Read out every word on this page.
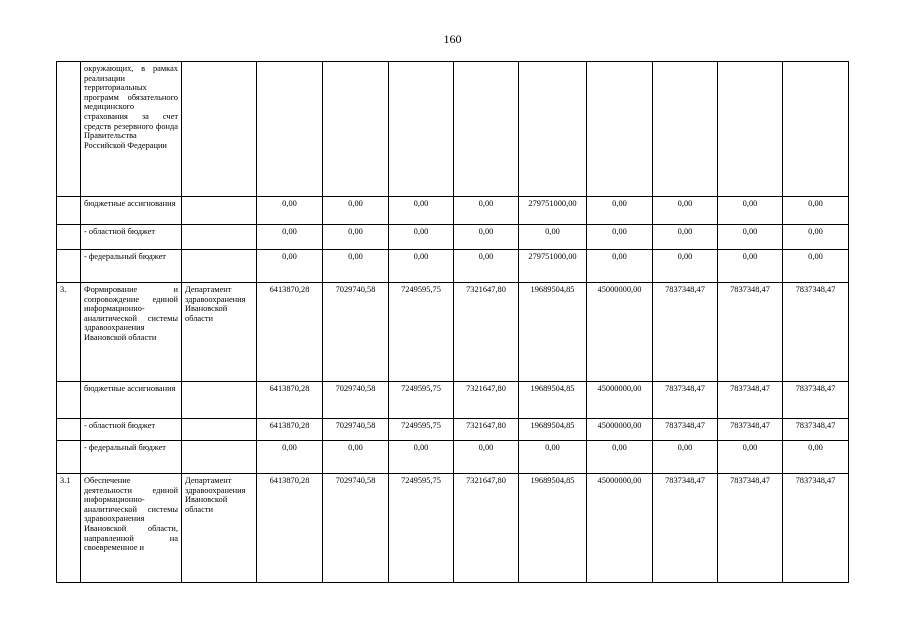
160
	окружающих, в рамках реализации территориальных программ обязательного медицинского страхования за счет средств резервного фонда Правительства Российской Федерации										
	бюджетные ассигнования		0,00	0,00	0,00	0,00	279751000,00	0,00	0,00	0,00	0,00
	- областной бюджет		0,00	0,00	0,00	0,00	0,00	0,00	0,00	0,00	0,00
	- федеральный бюджет		0,00	0,00	0,00	0,00	279751000,00	0,00	0,00	0,00	0,00
3.	Формирование и сопровождение единой информационно-аналитической системы здравоохранения Ивановской области	Департамент здравоохранения Ивановской области	6413870,28	7029740,58	7249595,75	7321647,80	19689504,85	45000000,00	7837348,47	7837348,47	7837348,47
	бюджетные ассигнования		6413870,28	7029740,58	7249595,75	7321647,80	19689504,85	45000000,00	7837348,47	7837348,47	7837348,47
	- областной бюджет		6413870,28	7029740,58	7249595,75	7321647,80	19689504,85	45000000,00	7837348,47	7837348,47	7837348,47
	- федеральный бюджет		0,00	0,00	0,00	0,00	0,00	0,00	0,00	0,00	0,00
3.1	Обеспечение деятельности единой информационно-аналитической системы здравоохранения Ивановской области, направленной на своевременное и	Департамент здравоохранения Ивановской области	6413870,28	7029740,58	7249595,75	7321647,80	19689504,85	45000000,00	7837348,47	7837348,47	7837348,47
